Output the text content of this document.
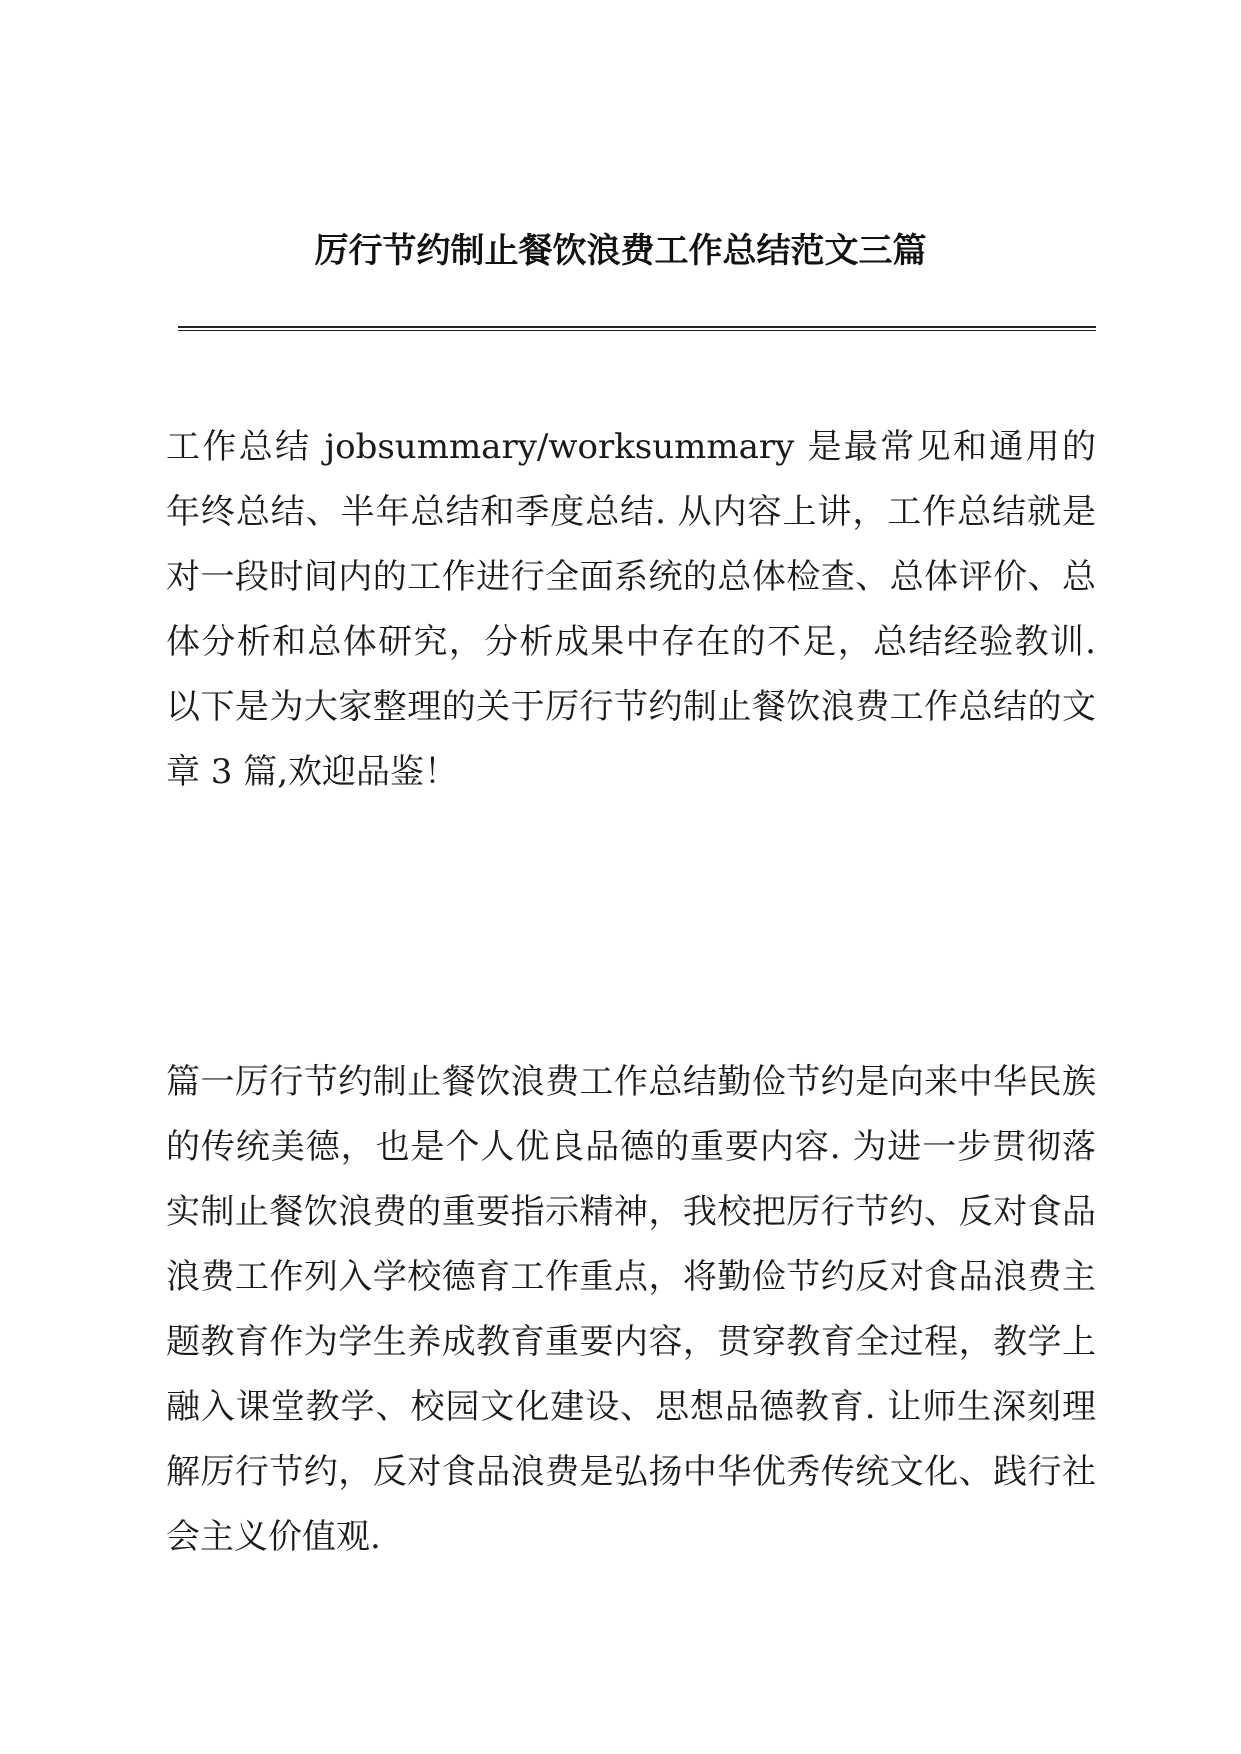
厉行节约制止餐饮浪费工作总结范文三篇

工作总结 jobsummary/worksummary 是最常见和通用的年终总结、半年总结和季度总结. 从内容上讲，工作总结就是对一段时间内的工作进行全面系统的总体检查、总体评价、总体分析和总体研究，分析成果中存在的不足，总结经验教训. 以下是为大家整理的关于厉行节约制止餐饮浪费工作总结的文章 3 篇,欢迎品鉴！

篇一厉行节约制止餐饮浪费工作总结勤俭节约是向来中华民族的传统美德，也是个人优良品德的重要内容. 为进一步贯彻落实制止餐饮浪费的重要指示精神，我校把厉行节约、反对食品浪费工作列入学校德育工作重点，将勤俭节约反对食品浪费主题教育作为学生养成教育重要内容，贯穿教育全过程，教学上融入课堂教学、校园文化建设、思想品德教育. 让师生深刻理解厉行节约，反对食品浪费是弘扬中华优秀传统文化、践行社会主义价值观.
